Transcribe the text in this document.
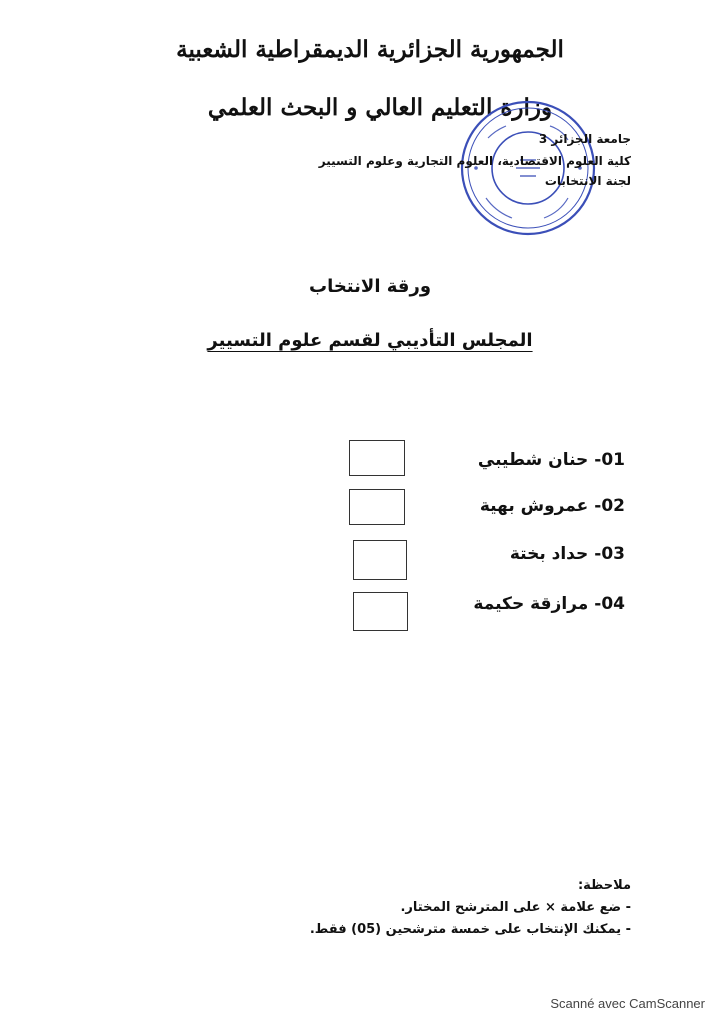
الجمهورية الجزائرية الديمقراطية الشعبية
وزارة التعليم العالي و البحث العلمي
جامعة الجزائر 3
كلية العلوم الاقتصادية، العلوم التجارية وعلوم التسيير
لجنة الانتخابات
ورقة الانتخاب
المجلس التأديبي لقسم علوم التسيير
01-حنان شطيبي
02-عمروش بهية
03-حداد بختة
04-مرازقة حكيمة
ملاحظة:
- ضع علامة × على المترشح المختار.
- يمكنك الإنتخاب على خمسة مترشحين (05) فقط.
Scanné avec CamScanner
